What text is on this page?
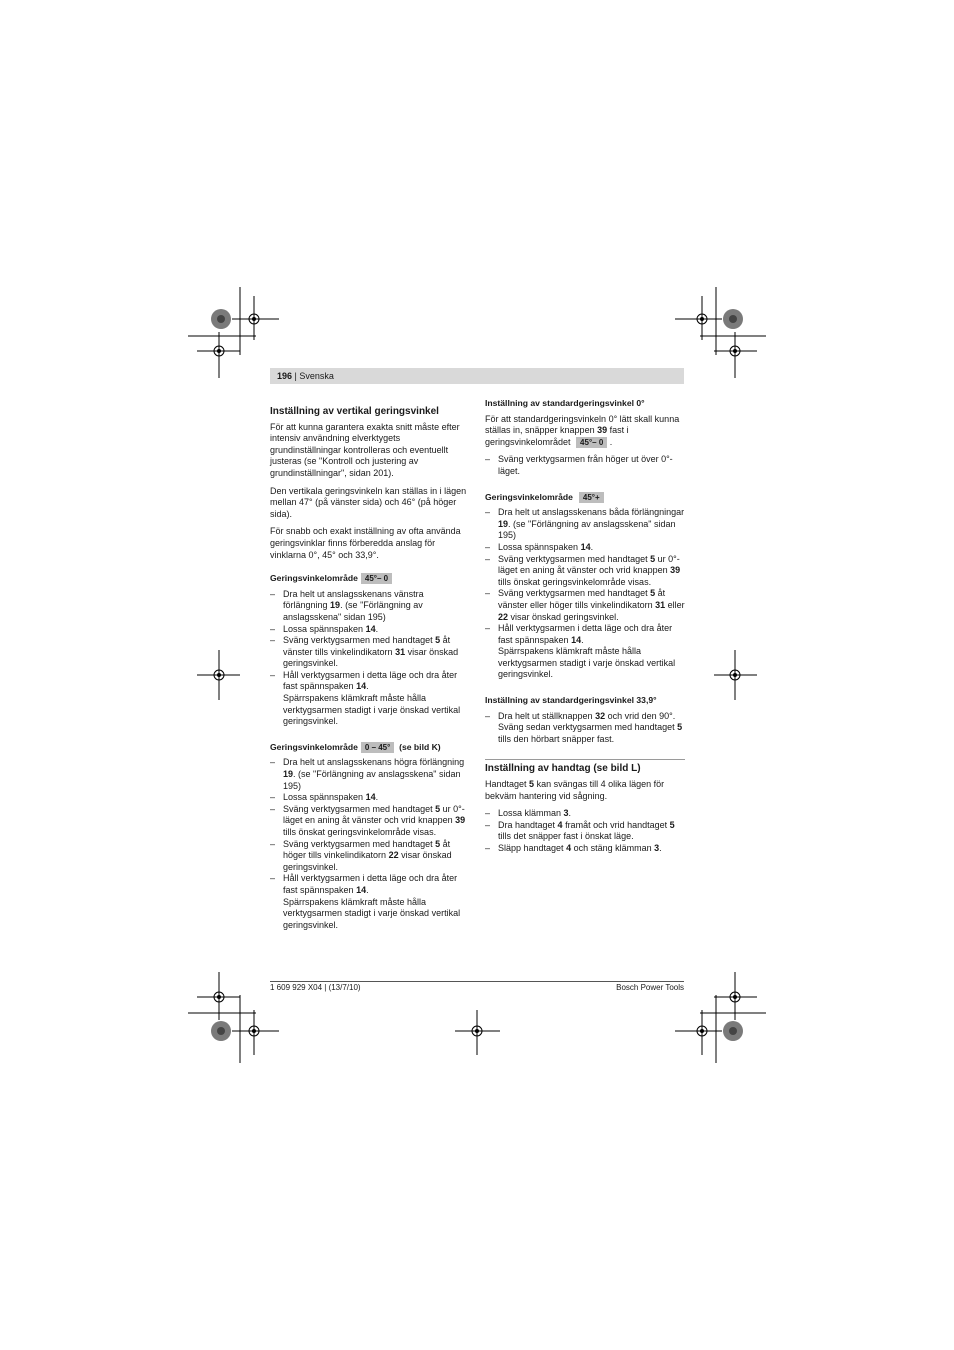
196 | Svenska
Inställning av vertikal geringsvinkel

För att kunna garantera exakta snitt måste efter intensiv användning elverktygets grundinställningar kontrolleras och eventuellt justeras (se "Kontroll och justering av grundinställningar", sidan 201).

Den vertikala geringsvinkeln kan ställas in i lägen mellan 47° (på vänster sida) och 46° (på höger sida).

För snabb och exakt inställning av ofta använda geringsvinklar finns förberedda anslag för vinklarna 0°, 45° och 33,9°.

Geringsvinkelområde 45°– 0
– Dra helt ut anslagsskenans vänstra förlängning 19. (se "Förlängning av anslagsskena" sidan 195)
– Lossa spännspaken 14.
– Sväng verktygsarmen med handtaget 5 åt vänster tills vinkelindikatorn 31 visar önskad geringsvinkel.
– Håll verktygsarmen i detta läge och dra åter fast spännspaken 14.
Spärrspakens klämkraft måste hålla verktygsarmen stadigt i varje önskad vertikal geringsvinkel.
Geringsvinkelområde 0 – 45° (se bild K)
– Dra helt ut anslagsskenans högra förlängning 19. (se "Förlängning av anslagsskena" sidan 195)
– Lossa spännspaken 14.
– Sväng verktygsarmen med handtaget 5 ur 0°-läget en aning åt vänster och vrid knappen 39 tills önskat geringsvinkelområde visas.
– Sväng verktygsarmen med handtaget 5 åt höger tills vinkelindikatorn 22 visar önskad geringsvinkel.
– Håll verktygsarmen i detta läge och dra åter fast spännspaken 14.
Spärrspakens klämkraft måste hålla verktygsarmen stadigt i varje önskad vertikal geringsvinkel.
Inställning av standardgeringsvinkel 0°

För att standardgeringsvinkeln 0° lätt skall kunna ställas in, snäpper knappen 39 fast i geringsvinkelområdet 45°– 0 .

– Sväng verktygsarmen från höger ut över 0°-läget.
Geringsvinkelområde 45°+
– Dra helt ut anslagsskenans båda förlängningar 19. (se "Förlängning av anslagsskena" sidan 195)
– Lossa spännspaken 14.
– Sväng verktygsarmen med handtaget 5 ur 0°-läget en aning åt vänster och vrid knappen 39 tills önskat geringsvinkelområde visas.
– Sväng verktygsarmen med handtaget 5 åt vänster eller höger tills vinkelindikatorn 31 eller 22 visar önskad geringsvinkel.
– Håll verktygsarmen i detta läge och dra åter fast spännspaken 14.
Spärrspakens klämkraft måste hålla verktygsarmen stadigt i varje önskad vertikal geringsvinkel.
Inställning av standardgeringsvinkel 33,9°
– Dra helt ut ställknappen 32 och vrid den 90°. Sväng sedan verktygsarmen med handtaget 5 tills den hörbart snäpper fast.
Inställning av handtag (se bild L)

Handtaget 5 kan svängas till 4 olika lägen för bekväm hantering vid sågning.

– Lossa klämman 3.
– Dra handtaget 4 framåt och vrid handtaget 5 tills det snäpper fast i önskat läge.
– Släpp handtaget 4 och stäng klämman 3.
1 609 929 X04 | (13/7/10)	Bosch Power Tools
